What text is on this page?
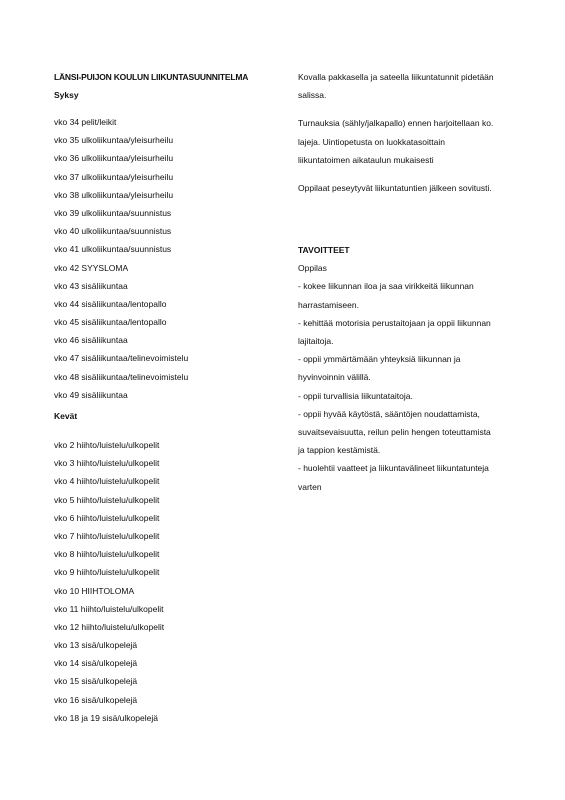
LÄNSI-PUIJON KOULUN LIIKUNTASUUNNITELMA
Syksy
vko 34 pelit/leikit
vko 35 ulkoliikuntaa/yleisurheilu
vko 36 ulkoliikuntaa/yleisurheilu
vko 37 ulkoliikuntaa/yleisurheilu
vko 38 ulkoliikuntaa/yleisurheilu
vko 39 ulkoliikuntaa/suunnistus
vko 40 ulkoliikuntaa/suunnistus
vko 41 ulkoliikuntaa/suunnistus
vko 42 SYYSLOMA
vko 43 sisäliikuntaa
vko 44 sisäliikuntaa/lentopallo
vko 45 sisäliikuntaa/lentopallo
vko 46 sisäliikuntaa
vko 47 sisäliikuntaa/telinevoimistelu
vko 48 sisäliikuntaa/telinevoimistelu
vko 49 sisäliikuntaa
Kevät
vko 2 hiihto/luistelu/ulkopelit
vko 3 hiihto/luistelu/ulkopelit
vko 4 hiihto/luistelu/ulkopelit
vko 5 hiihto/luistelu/ulkopelit
vko 6 hiihto/luistelu/ulkopelit
vko 7 hiihto/luistelu/ulkopelit
vko 8 hiihto/luistelu/ulkopelit
vko 9 hiihto/luistelu/ulkopelit
vko 10 HIIHTOLOMA
vko 11 hiihto/luistelu/ulkopelit
vko 12 hiihto/luistelu/ulkopelit
vko 13 sisä/ulkopelejä
vko 14 sisä/ulkopelejä
vko 15 sisä/ulkopelejä
vko 16 sisä/ulkopelejä
vko 18 ja 19 sisä/ulkopelejä
Kovalla pakkasella ja sateella liikuntatunnit pidetään
salissa.
Turnauksia (sähly/jalkapallo) ennen harjoitellaan ko.
lajeja. Uintiopetusta on luokkatasoittain
liikuntatoimen aikataulun mukaisesti
Oppilaat peseytyvät liikuntatuntien jälkeen sovitusti.
TAVOITTEET
Oppilas
- kokee liikunnan iloa ja saa virikkeitä liikunnan
harrastamiseen.
- kehittää motorisia perustaitojaan ja oppii liikunnan
lajitaitoja.
- oppii ymmärtämään yhteyksiä liikunnan ja
hyvinvoinnin välillä.
- oppii turvallisia liikuntataitoja.
- oppii hyvää käytöstä, sääntöjen noudattamista,
suvaitsevaisuutta, reilun pelin hengen toteuttamista
ja tappion kestämistä.
- huolehtii vaatteet ja liikuntavälineet liikuntatunteja
varten
